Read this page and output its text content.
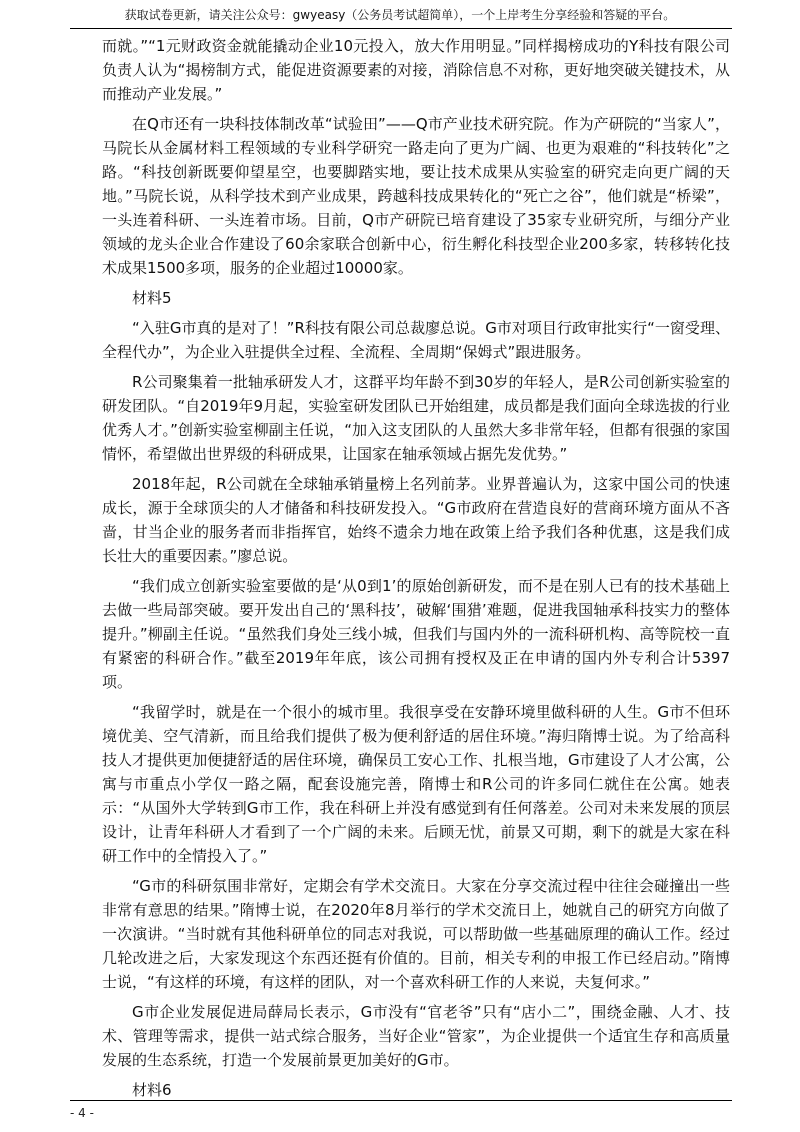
获取试卷更新，请关注公众号：gwyeasy（公务员考试超简单），一个上岸考生分享经验和答疑的平台。

而就。”“1元财政资金就能撬动企业10元投入，放大作用明显。”同样揭榜成功的Y科技有限公司负责人认为“揭榜制方式，能促进资源要素的对接，消除信息不对称，更好地突破关键技术，从而推动产业发展。”

在Q市还有一块科技体制改革“试验田”——Q市产业技术研究院。作为产研院的“当家人”，马院长从金属材料工程领域的专业科学研究一路走向了更为广阔、也更为艰难的“科技转化”之路。“科技创新既要仰望星空，也要脚踏实地，要让技术成果从实验室的研究走向更广阔的天地。”马院长说，从科学技术到产业成果，跨越科技成果转化的“死亡之谷”，他们就是“桥梁”，一头连着科研、一头连着市场。目前，Q市产研院已培育建设了35家专业研究所，与细分产业领域的龙头企业合作建设了60余家联合创新中心，衍生孵化科技型企业200多家，转移转化技术成果1500多项，服务的企业超过10000家。

材料5

“入驻G市真的是对了！”R科技有限公司总裁廖总说。G市对项目行政审批实行“一窗受理、全程代办”，为企业入驻提供全过程、全流程、全周期“保姆式”跟进服务。

R公司聚集着一批轴承研发人才，这群平均年龄不到30岁的年轻人，是R公司创新实验室的研发团队。“自2019年9月起，实验室研发团队已开始组建，成员都是我们面向全球选拔的行业优秀人才。”创新实验室柳副主任说，“加入这支团队的人虽然大多非常年轻，但都有很强的家国情怀，希望做出世界级的科研成果，让国家在轴承领域占据先发优势。”

2018年起，R公司就在全球轴承销量榜上名列前茅。业界普遍认为，这家中国公司的快速成长，源于全球顶尖的人才储备和科技研发投入。“G市政府在营造良好的营商环境方面从不吝啬，甘当企业的服务者而非指挥官，始终不遗余力地在政策上给予我们各种优惠，这是我们成长壮大的重要因素。”廖总说。

“我们成立创新实验室要做的是‘从0到1’的原始创新研发，而不是在别人已有的技术基础上去做一些局部突破。要开发出自己的‘黑科技’，破解‘围猎’难题，促进我国轴承科技实力的整体提升。”柳副主任说。“虽然我们身处三线小城，但我们与国内外的一流科研机构、高等院校一直有紧密的科研合作。”截至2019年年底，该公司拥有授权及正在申请的国内外专利合计5397项。

“我留学时，就是在一个很小的城市里。我很享受在安静环境里做科研的人生。G市不但环境优美、空气清新，而且给我们提供了极为便利舒适的居住环境。”海归隋博士说。为了给高科技人才提供更加便捷舒适的居住环境，确保员工安心工作、扎根当地，G市建设了人才公寓，公寓与市重点小学仅一路之隔，配套设施完善，隋博士和R公司的许多同仁就住在公寓。她表示：“从国外大学转到G市工作，我在科研上并没有感觉到有任何落差。公司对未来发展的顶层设计，让青年科研人才看到了一个广阔的未来。后顾无忧，前景又可期，剩下的就是大家在科研工作中的全情投入了。”

“G市的科研氛围非常好，定期会有学术交流日。大家在分享交流过程中往往会碰撞出一些非常有意思的结果。”隋博士说，在2020年8月举行的学术交流日上，她就自己的研究方向做了一次演讲。“当时就有其他科研单位的同志对我说，可以帮助做一些基础原理的确认工作。经过几轮改进之后，大家发现这个东西还挺有价值的。目前，相关专利的申报工作已经启动。”隋博士说，“有这样的环境，有这样的团队，对一个喜欢科研工作的人来说，夫复何求。”

G市企业发展促进局薛局长表示，G市没有“官老爷”只有“店小二”，围绕金融、人才、技术、管理等需求，提供一站式综合服务，当好企业“管家”，为企业提供一个适宜生存和高质量发展的生态系统，打造一个发展前景更加美好的G市。

材料6

- 4 -
